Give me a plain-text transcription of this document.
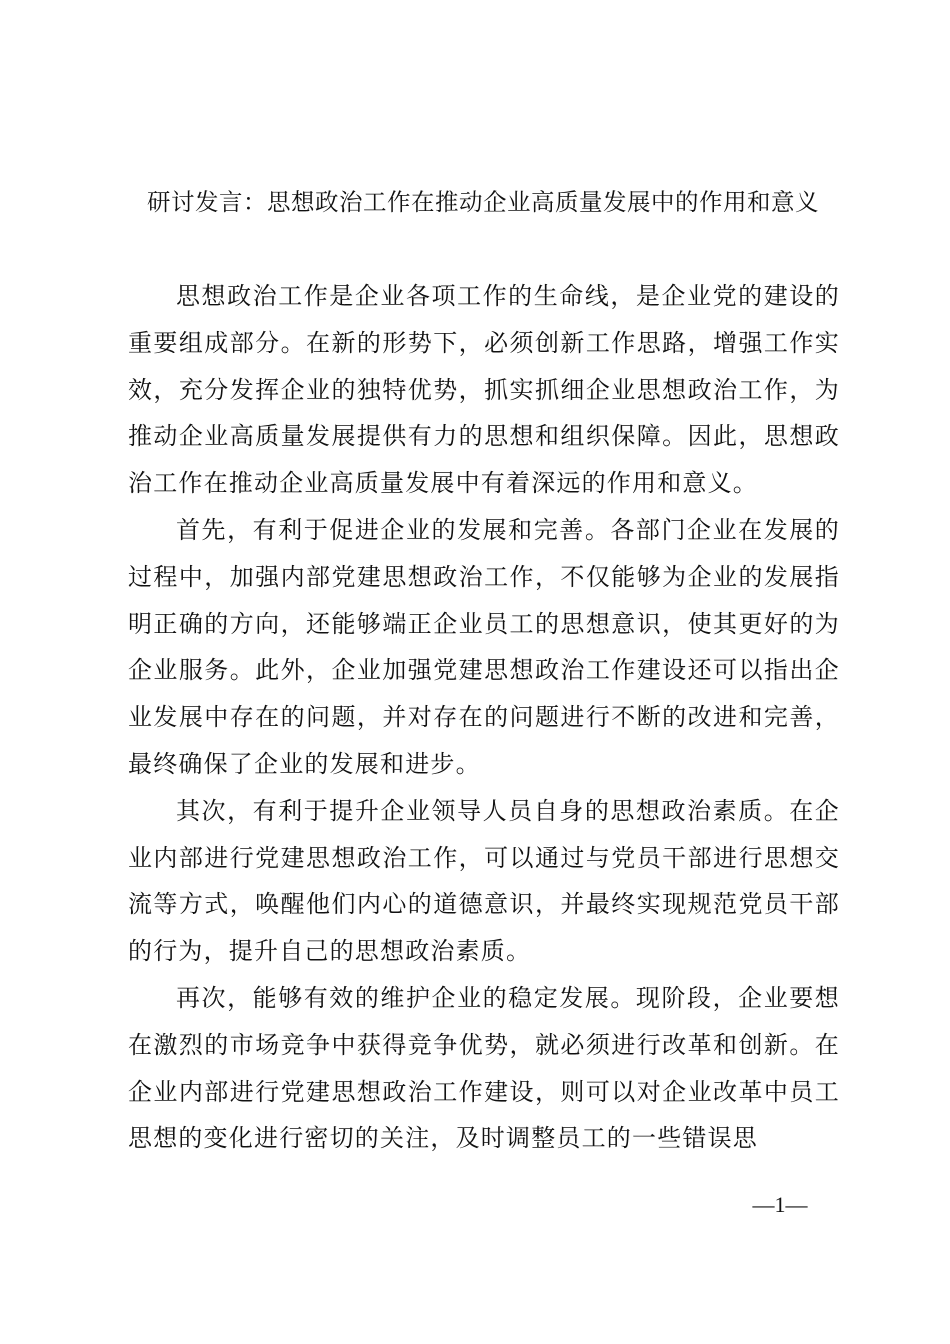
研讨发言：思想政治工作在推动企业高质量发展中的作用和意义

思想政治工作是企业各项工作的生命线，是企业党的建设的重要组成部分。在新的形势下，必须创新工作思路，增强工作实效，充分发挥企业的独特优势，抓实抓细企业思想政治工作，为推动企业高质量发展提供有力的思想和组织保障。因此，思想政治工作在推动企业高质量发展中有着深远的作用和意义。

首先，有利于促进企业的发展和完善。各部门企业在发展的过程中，加强内部党建思想政治工作，不仅能够为企业的发展指明正确的方向，还能够端正企业员工的思想意识，使其更好的为企业服务。此外，企业加强党建思想政治工作建设还可以指出企业发展中存在的问题，并对存在的问题进行不断的改进和完善，最终确保了企业的发展和进步。

其次，有利于提升企业领导人员自身的思想政治素质。在企业内部进行党建思想政治工作，可以通过与党员干部进行思想交流等方式，唤醒他们内心的道德意识，并最终实现规范党员干部的行为，提升自己的思想政治素质。

再次，能够有效的维护企业的稳定发展。现阶段，企业要想在激烈的市场竞争中获得竞争优势，就必须进行改革和创新。在企业内部进行党建思想政治工作建设，则可以对企业改革中员工思想的变化进行密切的关注，及时调整员工的一些错误思

—1—
